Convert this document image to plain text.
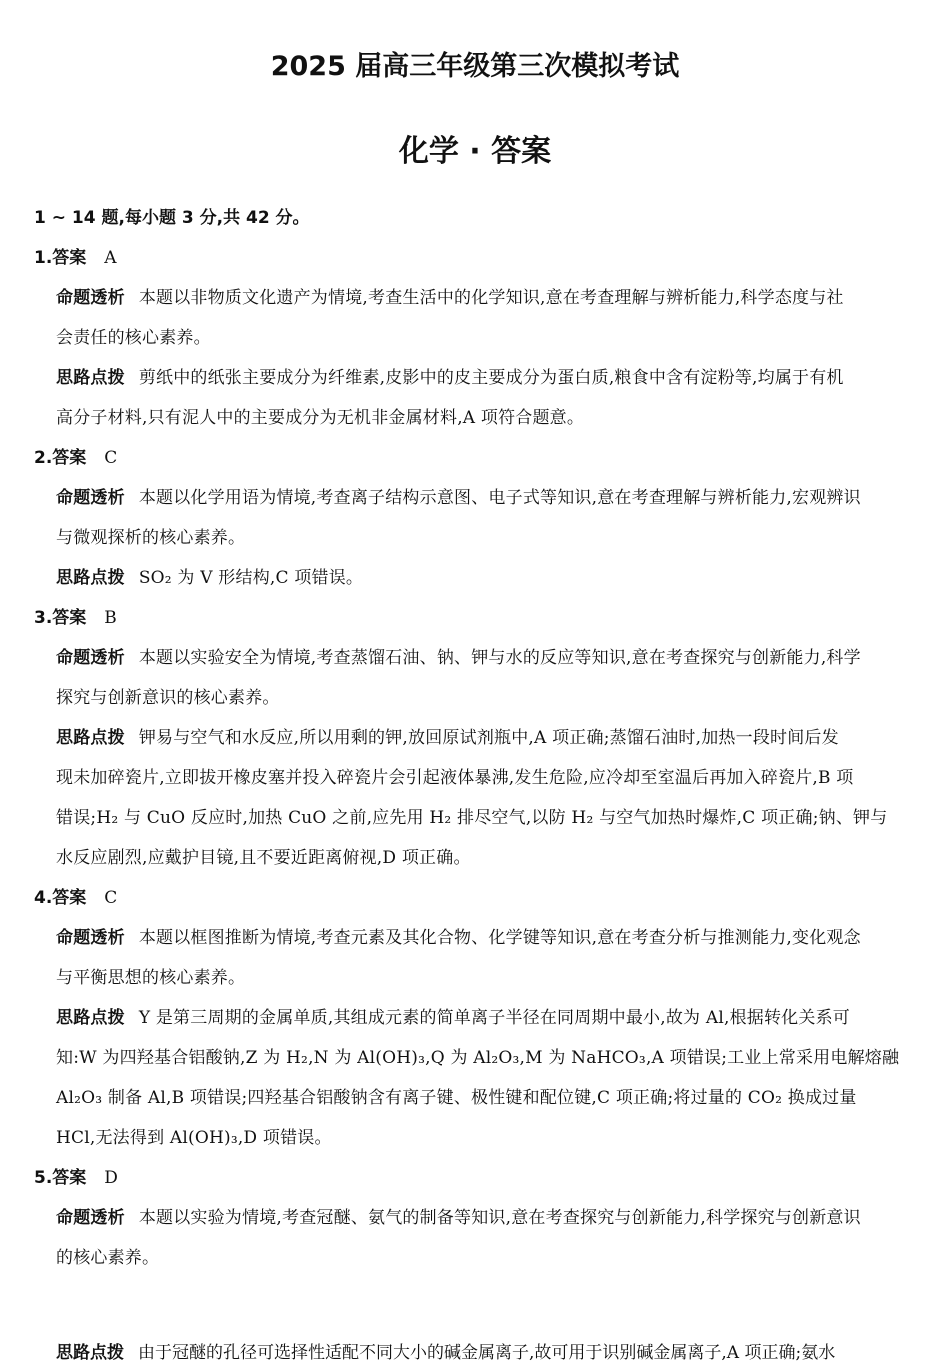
2025 届高三年级第三次模拟考试
化学 · 答案
1 ~ 14 题,每小题 3 分,共 42 分。
1.答案 A
命题透析 本题以非物质文化遗产为情境,考查生活中的化学知识,意在考查理解与辨析能力,科学态度与社
会责任的核心素养。
思路点拨 剪纸中的纸张主要成分为纤维素,皮影中的皮主要成分为蛋白质,粮食中含有淀粉等,均属于有机
高分子材料,只有泥人中的主要成分为无机非金属材料,A 项符合题意。
2.答案 C
命题透析 本题以化学用语为情境,考查离子结构示意图、电子式等知识,意在考查理解与辨析能力,宏观辨识
与微观探析的核心素养。
思路点拨 SO₂ 为 V 形结构,C 项错误。
3.答案 B
命题透析 本题以实验安全为情境,考查蒸馏石油、钠、钾与水的反应等知识,意在考查探究与创新能力,科学
探究与创新意识的核心素养。
思路点拨 钾易与空气和水反应,所以用剩的钾,放回原试剂瓶中,A 项正确;蒸馏石油时,加热一段时间后发
现未加碎瓷片,立即拔开橡皮塞并投入碎瓷片会引起液体暴沸,发生危险,应冷却至室温后再加入碎瓷片,B 项
错误;H₂ 与 CuO 反应时,加热 CuO 之前,应先用 H₂ 排尽空气,以防 H₂ 与空气加热时爆炸,C 项正确;钠、钾与
水反应剧烈,应戴护目镜,且不要近距离俯视,D 项正确。
4.答案 C
命题透析 本题以框图推断为情境,考查元素及其化合物、化学键等知识,意在考查分析与推测能力,变化观念
与平衡思想的核心素养。
思路点拨 Y 是第三周期的金属单质,其组成元素的简单离子半径在同周期中最小,故为 Al,根据转化关系可
知:W 为四羟基合铝酸钠,Z 为 H₂,N 为 Al(OH)₃,Q 为 Al₂O₃,M 为 NaHCO₃,A 项错误;工业上常采用电解熔融
Al₂O₃ 制备 Al,B 项错误;四羟基合铝酸钠含有离子键、极性键和配位键,C 项正确;将过量的 CO₂ 换成过量
HCl,无法得到 Al(OH)₃,D 项错误。
5.答案 D
命题透析 本题以实验为情境,考查冠醚、氨气的制备等知识,意在考查探究与创新能力,科学探究与创新意识
的核心素养。
思路点拨 由于冠醚的孔径可选择性适配不同大小的碱金属离子,故可用于识别碱金属离子,A 项正确;氨水
